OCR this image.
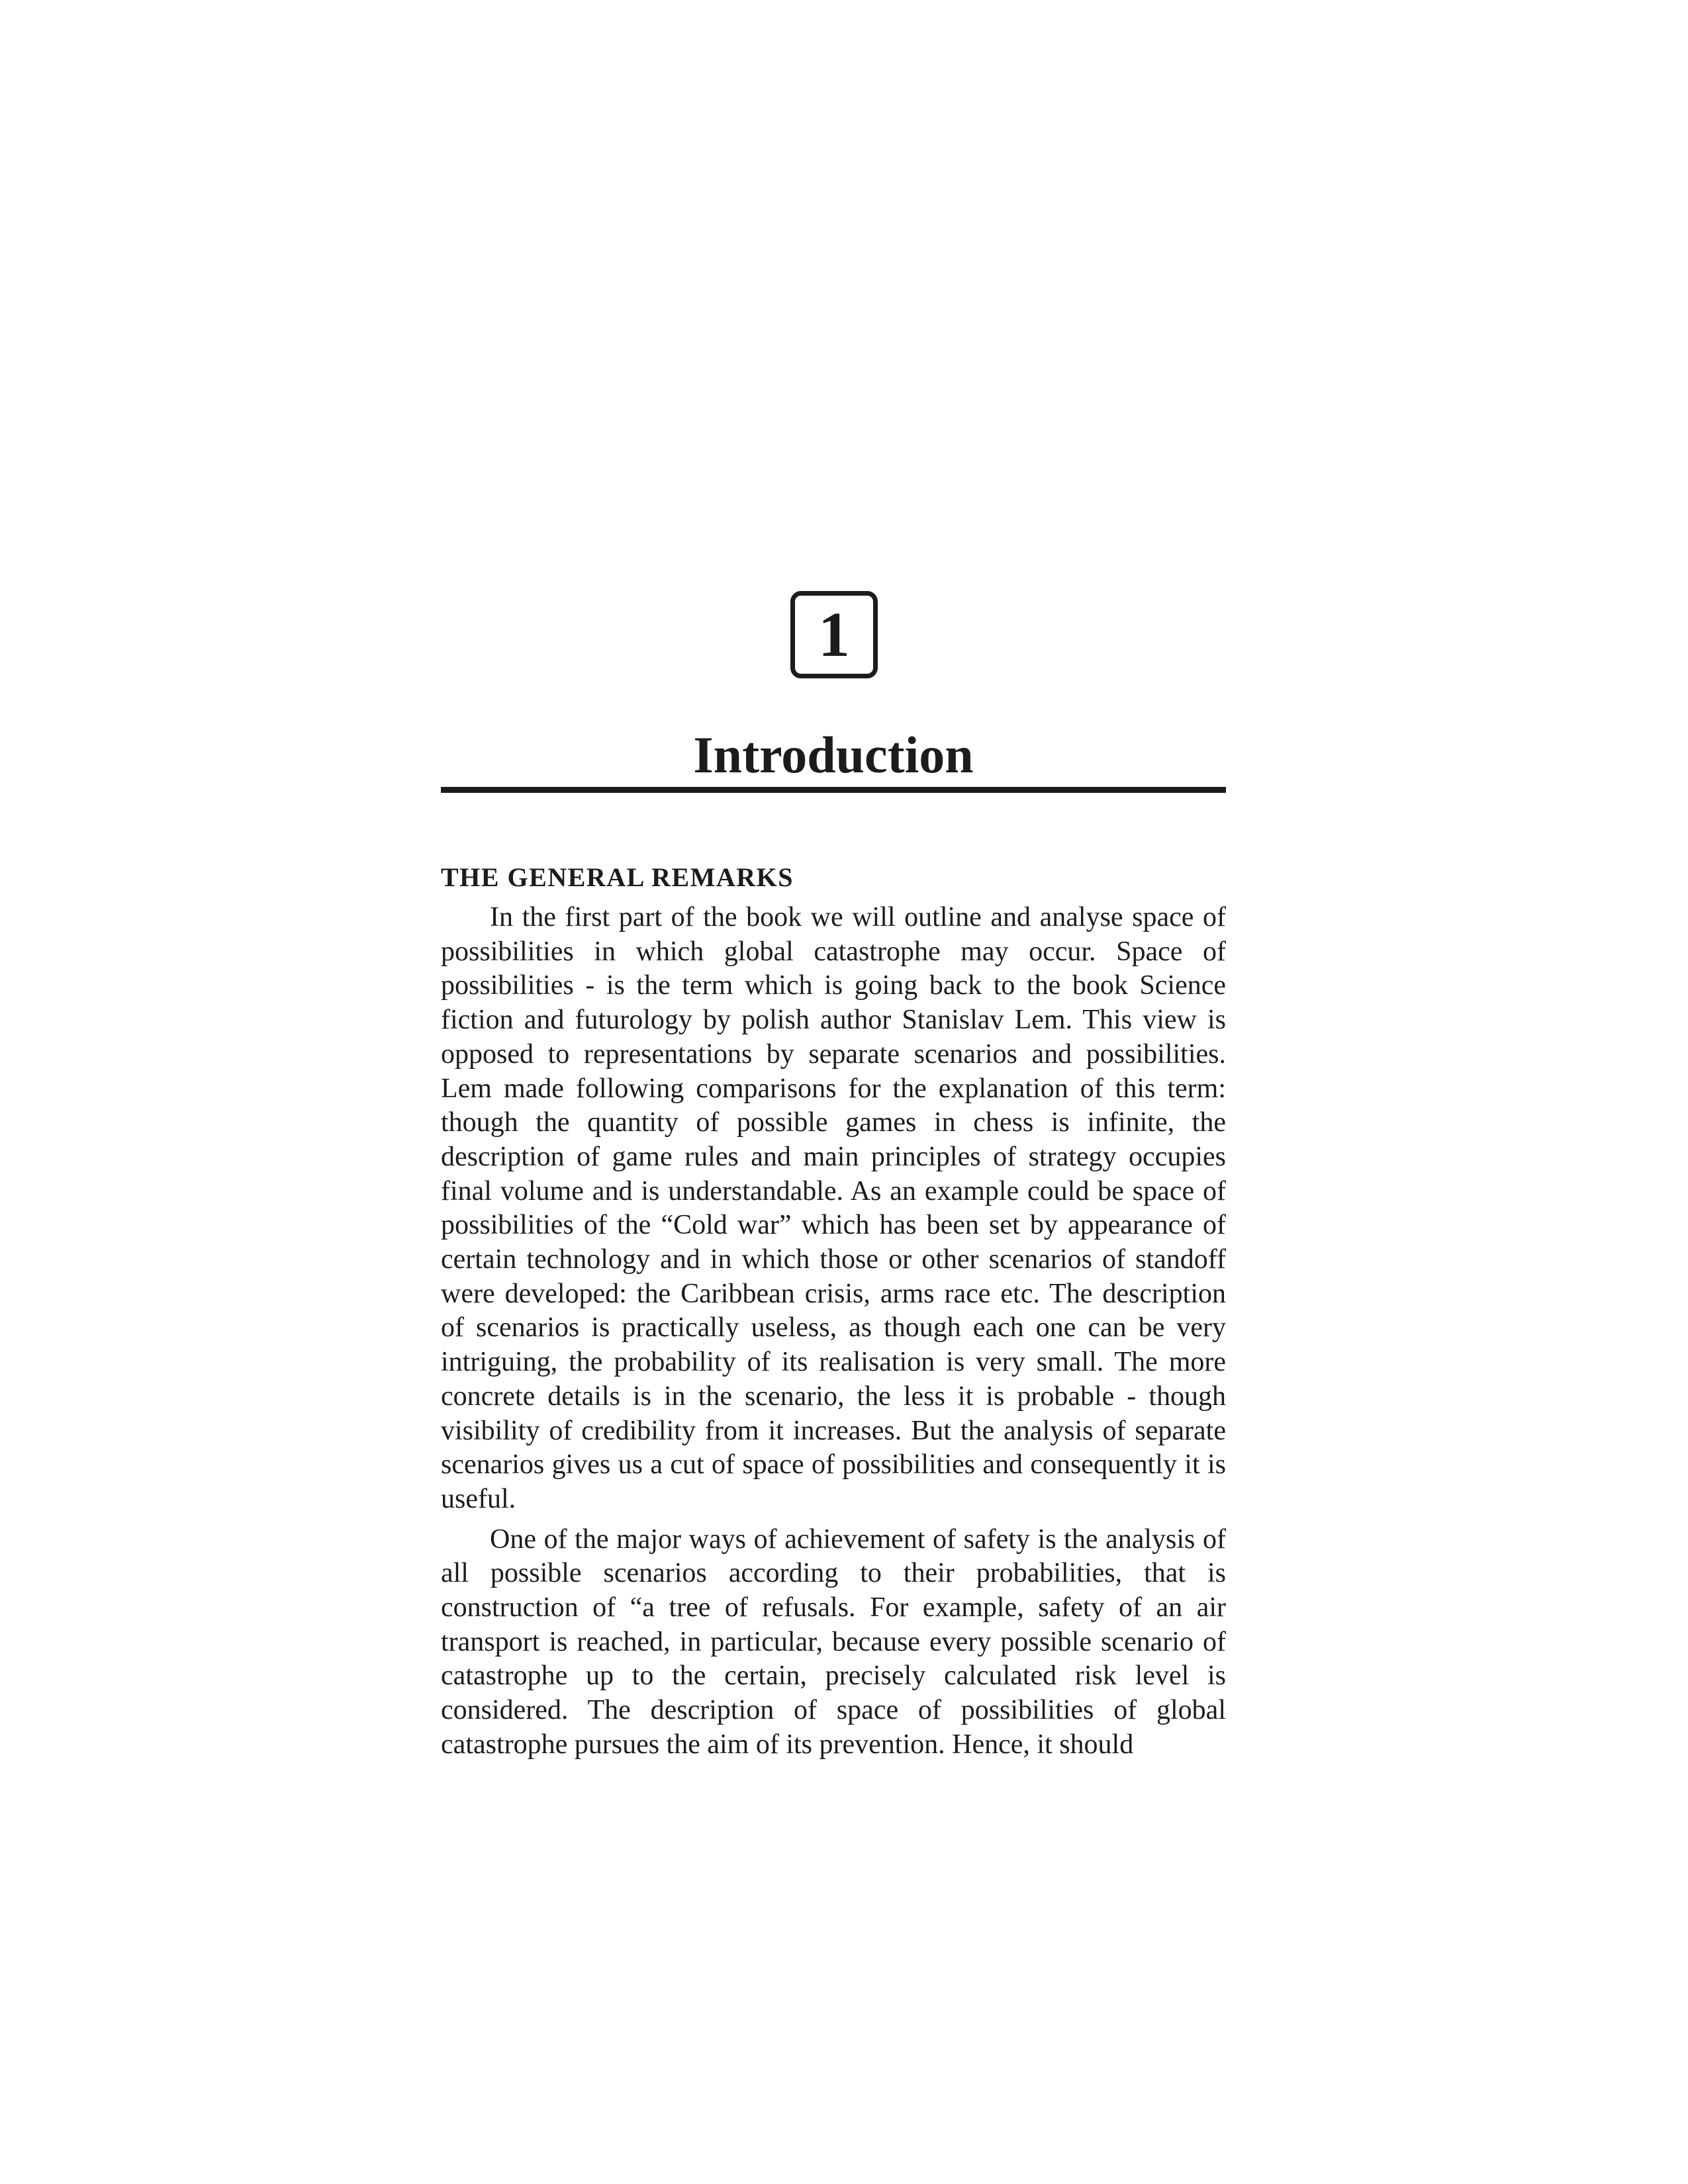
1
Introduction
THE GENERAL REMARKS

In the first part of the book we will outline and analyse space of possibilities in which global catastrophe may occur. Space of possibilities - is the term which is going back to the book Science fiction and futurology by polish author Stanislav Lem. This view is opposed to representations by separate scenarios and possibilities. Lem made following comparisons for the explanation of this term: though the quantity of possible games in chess is infinite, the description of game rules and main principles of strategy occupies final volume and is understandable. As an example could be space of possibilities of the “Cold war” which has been set by appearance of certain technology and in which those or other scenarios of standoff were developed: the Caribbean crisis, arms race etc. The description of scenarios is practically useless, as though each one can be very intriguing, the probability of its realisation is very small. The more concrete details is in the scenario, the less it is probable - though visibility of credibility from it increases. But the analysis of separate scenarios gives us a cut of space of possibilities and consequently it is useful.

One of the major ways of achievement of safety is the analysis of all possible scenarios according to their probabilities, that is construction of “a tree of refusals. For example, safety of an air transport is reached, in particular, because every possible scenario of catastrophe up to the certain, precisely calculated risk level is considered. The description of space of possibilities of global catastrophe pursues the aim of its prevention. Hence, it should
